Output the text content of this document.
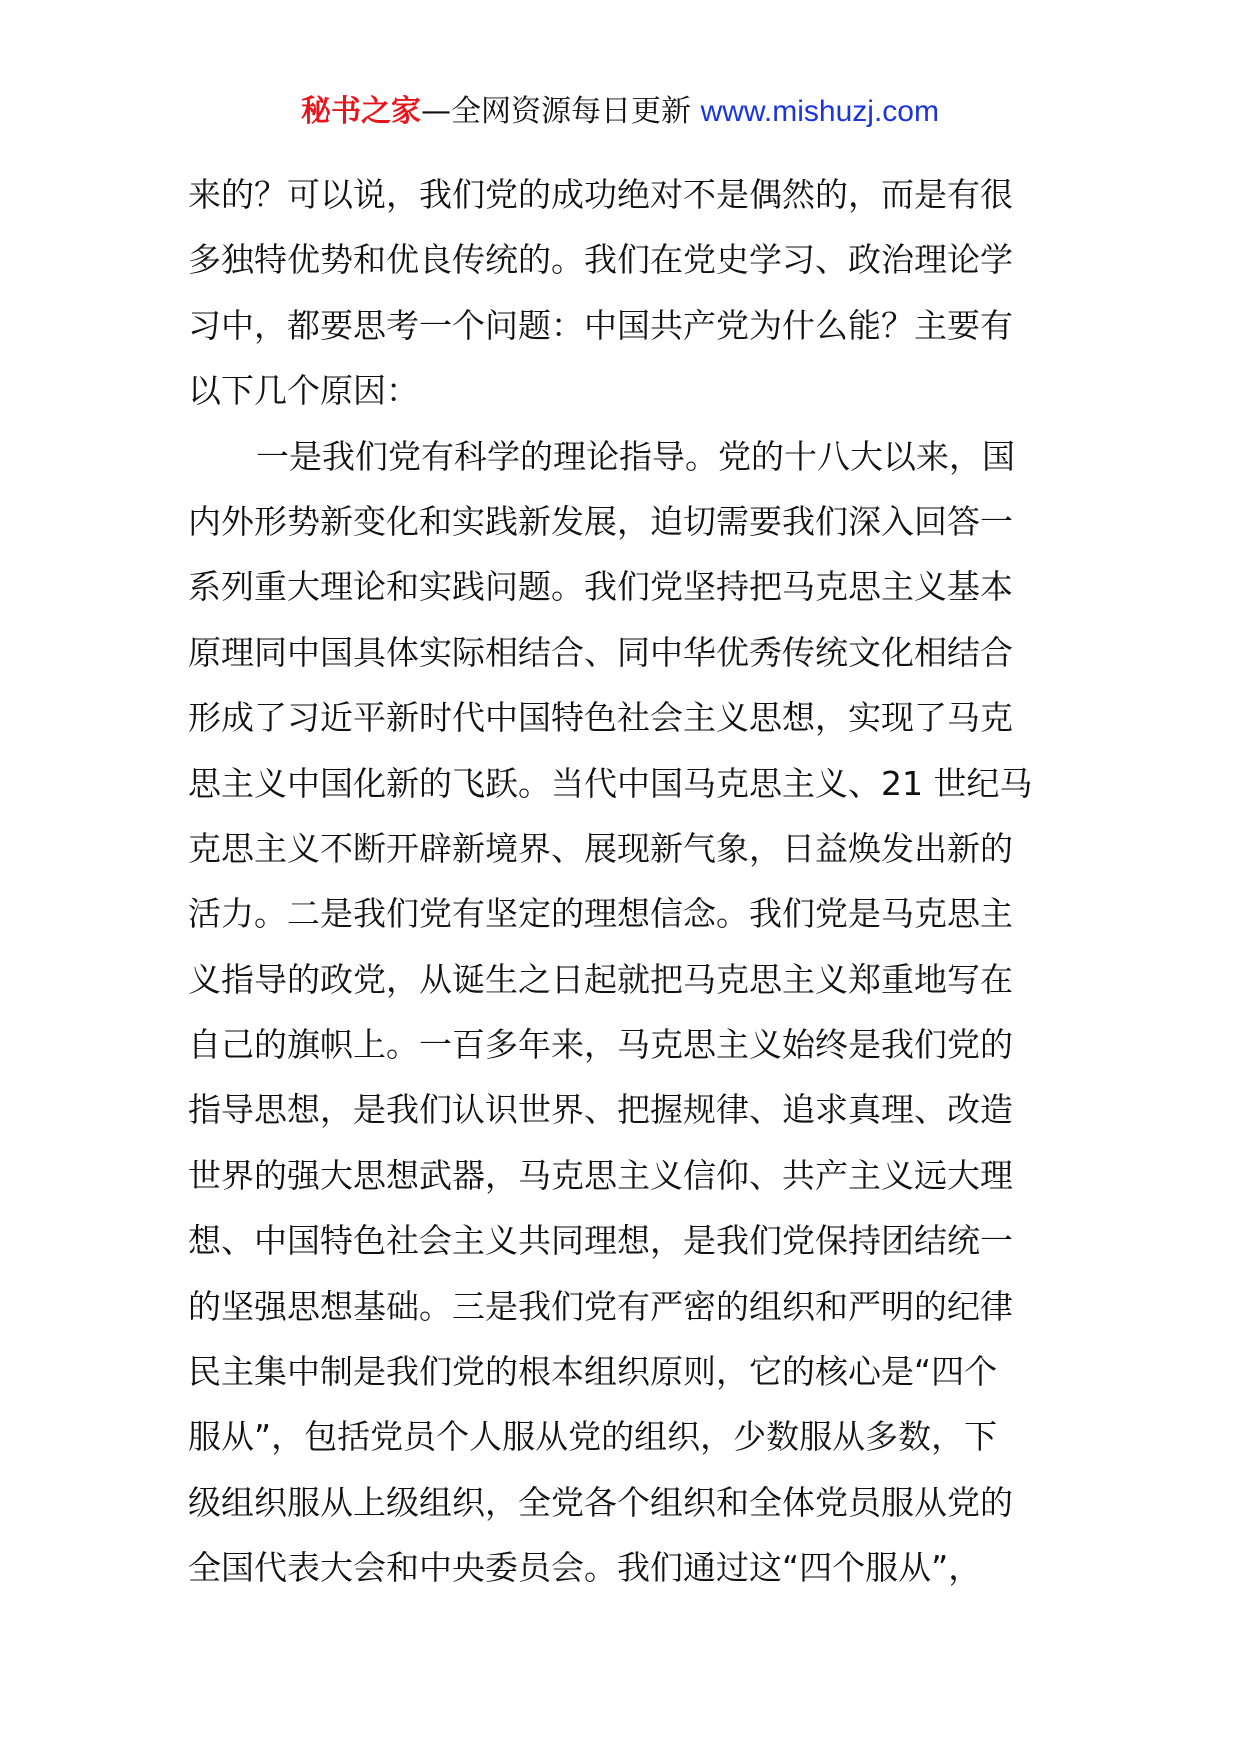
秘书之家—全网资源每日更新 www.mishuzj.com
来的？可以说，我们党的成功绝对不是偶然的，而是有很
多独特优势和优良传统的。我们在党史学习、政治理论学
习中，都要思考一个问题：中国共产党为什么能？主要有
以下几个原因：
一是我们党有科学的理论指导。党的十八大以来，国
内外形势新变化和实践新发展，迫切需要我们深入回答一
系列重大理论和实践问题。我们党坚持把马克思主义基本
原理同中国具体实际相结合、同中华优秀传统文化相结合
形成了习近平新时代中国特色社会主义思想，实现了马克
思主义中国化新的飞跃。当代中国马克思主义、21 世纪马
克思主义不断开辟新境界、展现新气象，日益焕发出新的
活力。二是我们党有坚定的理想信念。我们党是马克思主
义指导的政党，从诞生之日起就把马克思主义郑重地写在
自己的旗帜上。一百多年来，马克思主义始终是我们党的
指导思想，是我们认识世界、把握规律、追求真理、改造
世界的强大思想武器，马克思主义信仰、共产主义远大理
想、中国特色社会主义共同理想，是我们党保持团结统一
的坚强思想基础。三是我们党有严密的组织和严明的纪律
民主集中制是我们党的根本组织原则，它的核心是“四个
服从”，包括党员个人服从党的组织，少数服从多数，下
级组织服从上级组织，全党各个组织和全体党员服从党的
全国代表大会和中央委员会。我们通过这“四个服从”，
